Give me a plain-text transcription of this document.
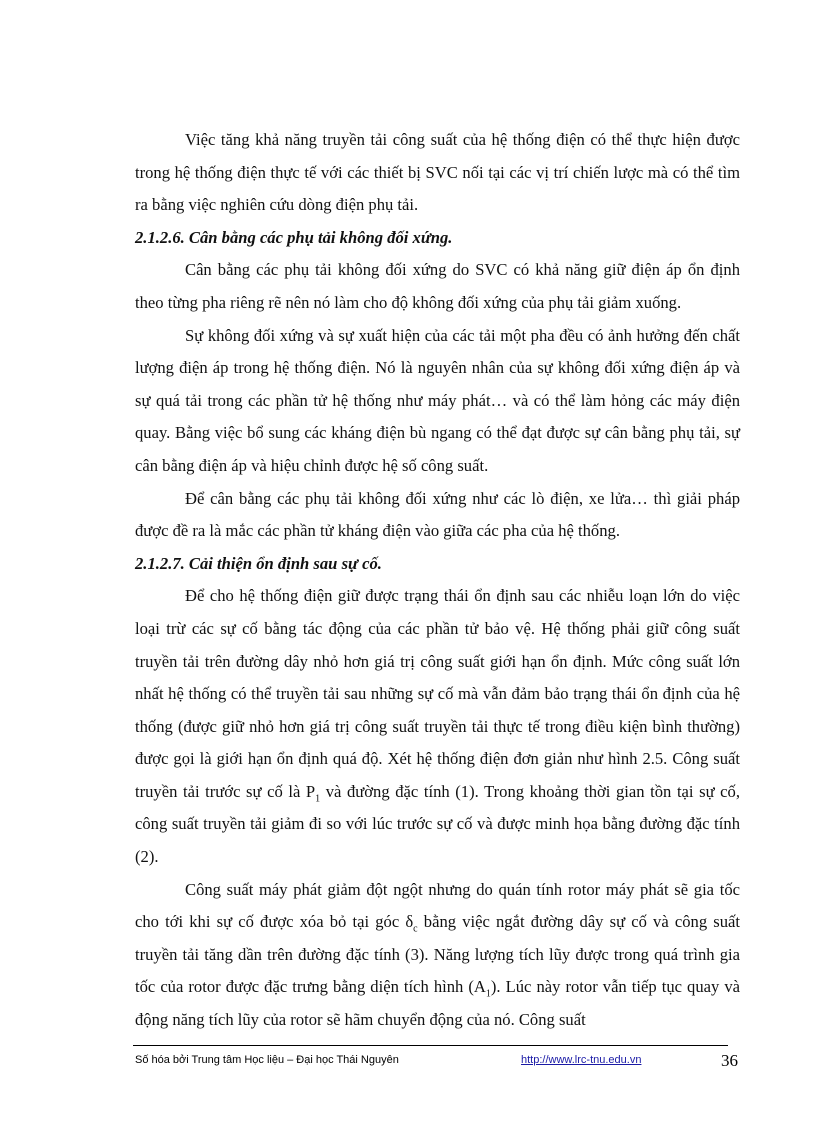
Việc tăng khả năng truyền tải công suất của hệ thống điện có thể thực hiện được trong hệ thống điện thực tế với các thiết bị SVC nối tại các vị trí chiến lược mà có thể tìm ra bằng việc nghiên cứu dòng điện phụ tải.

2.1.2.6. Cân bằng các phụ tải không đối xứng.

Cân bằng các phụ tải không đối xứng do SVC có khả năng giữ điện áp ổn định theo từng pha riêng rẽ nên nó làm cho độ không đối xứng của phụ tải giảm xuống.

Sự không đối xứng và sự xuất hiện của các tải một pha đều có ảnh hưởng đến chất lượng điện áp trong hệ thống điện. Nó là nguyên nhân của sự không đối xứng điện áp và sự quá tải trong các phần tử hệ thống như máy phát… và có thể làm hỏng các máy điện quay. Bằng việc bổ sung các kháng điện bù ngang có thể đạt được sự cân bằng phụ tải, sự cân bằng điện áp và hiệu chỉnh được hệ số công suất.

Để cân bằng các phụ tải không đối xứng như các lò điện, xe lửa… thì giải pháp được đề ra là mắc các phần tử kháng điện vào giữa các pha của hệ thống.

2.1.2.7. Cải thiện ổn định sau sự cố.

Để cho hệ thống điện giữ được trạng thái ổn định sau các nhiễu loạn lớn do việc loại trừ các sự cố bằng tác động của các phần tử bảo vệ. Hệ thống phải giữ công suất truyền tải trên đường dây nhỏ hơn giá trị công suất giới hạn ổn định. Mức công suất lớn nhất hệ thống có thể truyền tải sau những sự cố mà vẫn đảm bảo trạng thái ổn định của hệ thống (được giữ nhỏ hơn giá trị công suất truyền tải thực tế trong điều kiện bình thường) được gọi là giới hạn ổn định quá độ. Xét hệ thống điện đơn giản như hình 2.5. Công suất truyền tải trước sự cố là $P_1$ và đường đặc tính (1). Trong khoảng thời gian tồn tại sự cố, công suất truyền tải giảm đi so với lúc trước sự cố và được minh họa bằng đường đặc tính (2).

Công suất máy phát giảm đột ngột nhưng do quán tính rotor máy phát sẽ gia tốc cho tới khi sự cố được xóa bỏ tại góc $\delta_c$ bằng việc ngắt đường dây sự cố và công suất truyền tải tăng dần trên đường đặc tính (3). Năng lượng tích lũy được trong quá trình gia tốc của rotor được đặc trưng bằng diện tích hình $(A_1)$. Lúc này rotor vẫn tiếp tục quay và động năng tích lũy của rotor sẽ hãm chuyển động của nó. Công suất

Số hóa bởi Trung tâm Học liệu – Đại học Thái Nguyên	http://www.lrc-tnu.edu.vn	36
